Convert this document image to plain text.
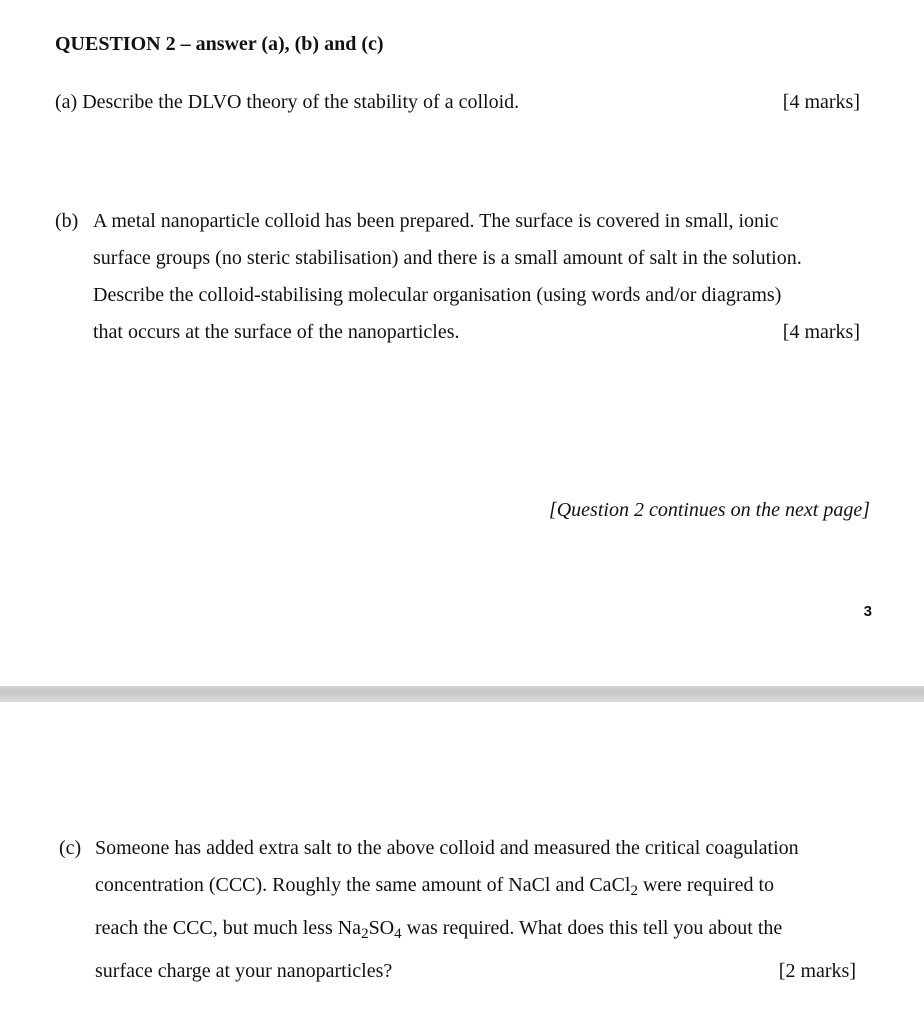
QUESTION 2 – answer (a), (b) and (c)
(a) Describe the DLVO theory of the stability of a colloid.	[4 marks]
(b) A metal nanoparticle colloid has been prepared. The surface is covered in small, ionic
surface groups (no steric stabilisation) and there is a small amount of salt in the solution.
Describe the colloid-stabilising molecular organisation (using words and/or diagrams)
that occurs at the surface of the nanoparticles.	[4 marks]
[Question 2 continues on the next page]
3
(c) Someone has added extra salt to the above colloid and measured the critical coagulation
concentration (CCC). Roughly the same amount of NaCl and CaCl$_2$ were required to
reach the CCC, but much less $Na_2SO_4$ was required. What does this tell you about the
surface charge at your nanoparticles?	[2 marks]
